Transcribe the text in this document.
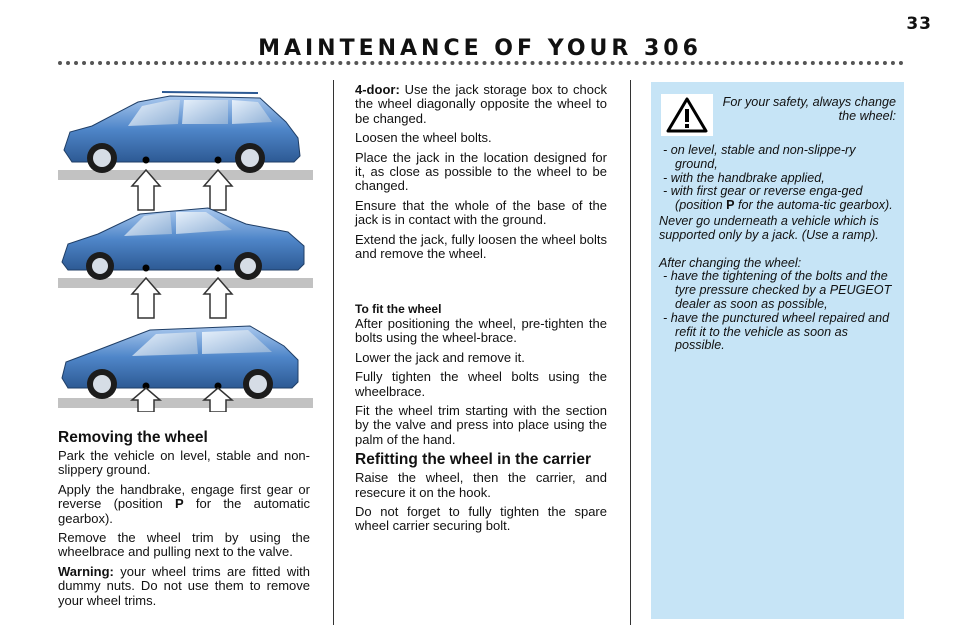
33
MAINTENANCE OF YOUR 306
Removing the wheel

Park the vehicle on level, stable and non-slippery ground.

Apply the handbrake, engage first gear or reverse (position P for the automatic gearbox).

Remove the wheel trim by using the wheelbrace and pulling next to the valve.

Warning: your wheel trims are fitted with dummy nuts. Do not use them to remove your wheel trims.

4-door: Use the jack storage box to chock the wheel diagonally opposite the wheel to be changed.

Loosen the wheel bolts.

Place the jack in the location designed for it, as close as possible to the wheel to be changed.

Ensure that the whole of the base of the jack is in contact with the ground.

Extend the jack, fully loosen the wheel bolts and remove the wheel.

To fit the wheel

After positioning the wheel, pre-tighten the bolts using the wheel-brace.

Lower the jack and remove it.

Fully tighten the wheel bolts using the wheelbrace.

Fit the wheel trim starting with the section by the valve and press into place using the palm of the hand.

Refitting the wheel in the carrier

Raise the wheel, then the carrier, and resecure it on the hook.

Do not forget to fully tighten the spare wheel carrier securing bolt.

For your safety, always change the wheel:
- on level, stable and non-slippe-ry ground,
- with the handbrake applied,
- with first gear or reverse enga-ged (position P for the automa-tic gearbox).

Never go underneath a vehicle which is supported only by a jack. (Use a ramp).

After changing the wheel:

- have the tightening of the bolts and the tyre pressure checked by a PEUGEOT dealer as soon as possible,
- have the punctured wheel repaired and refit it to the vehicle as soon as possible.
